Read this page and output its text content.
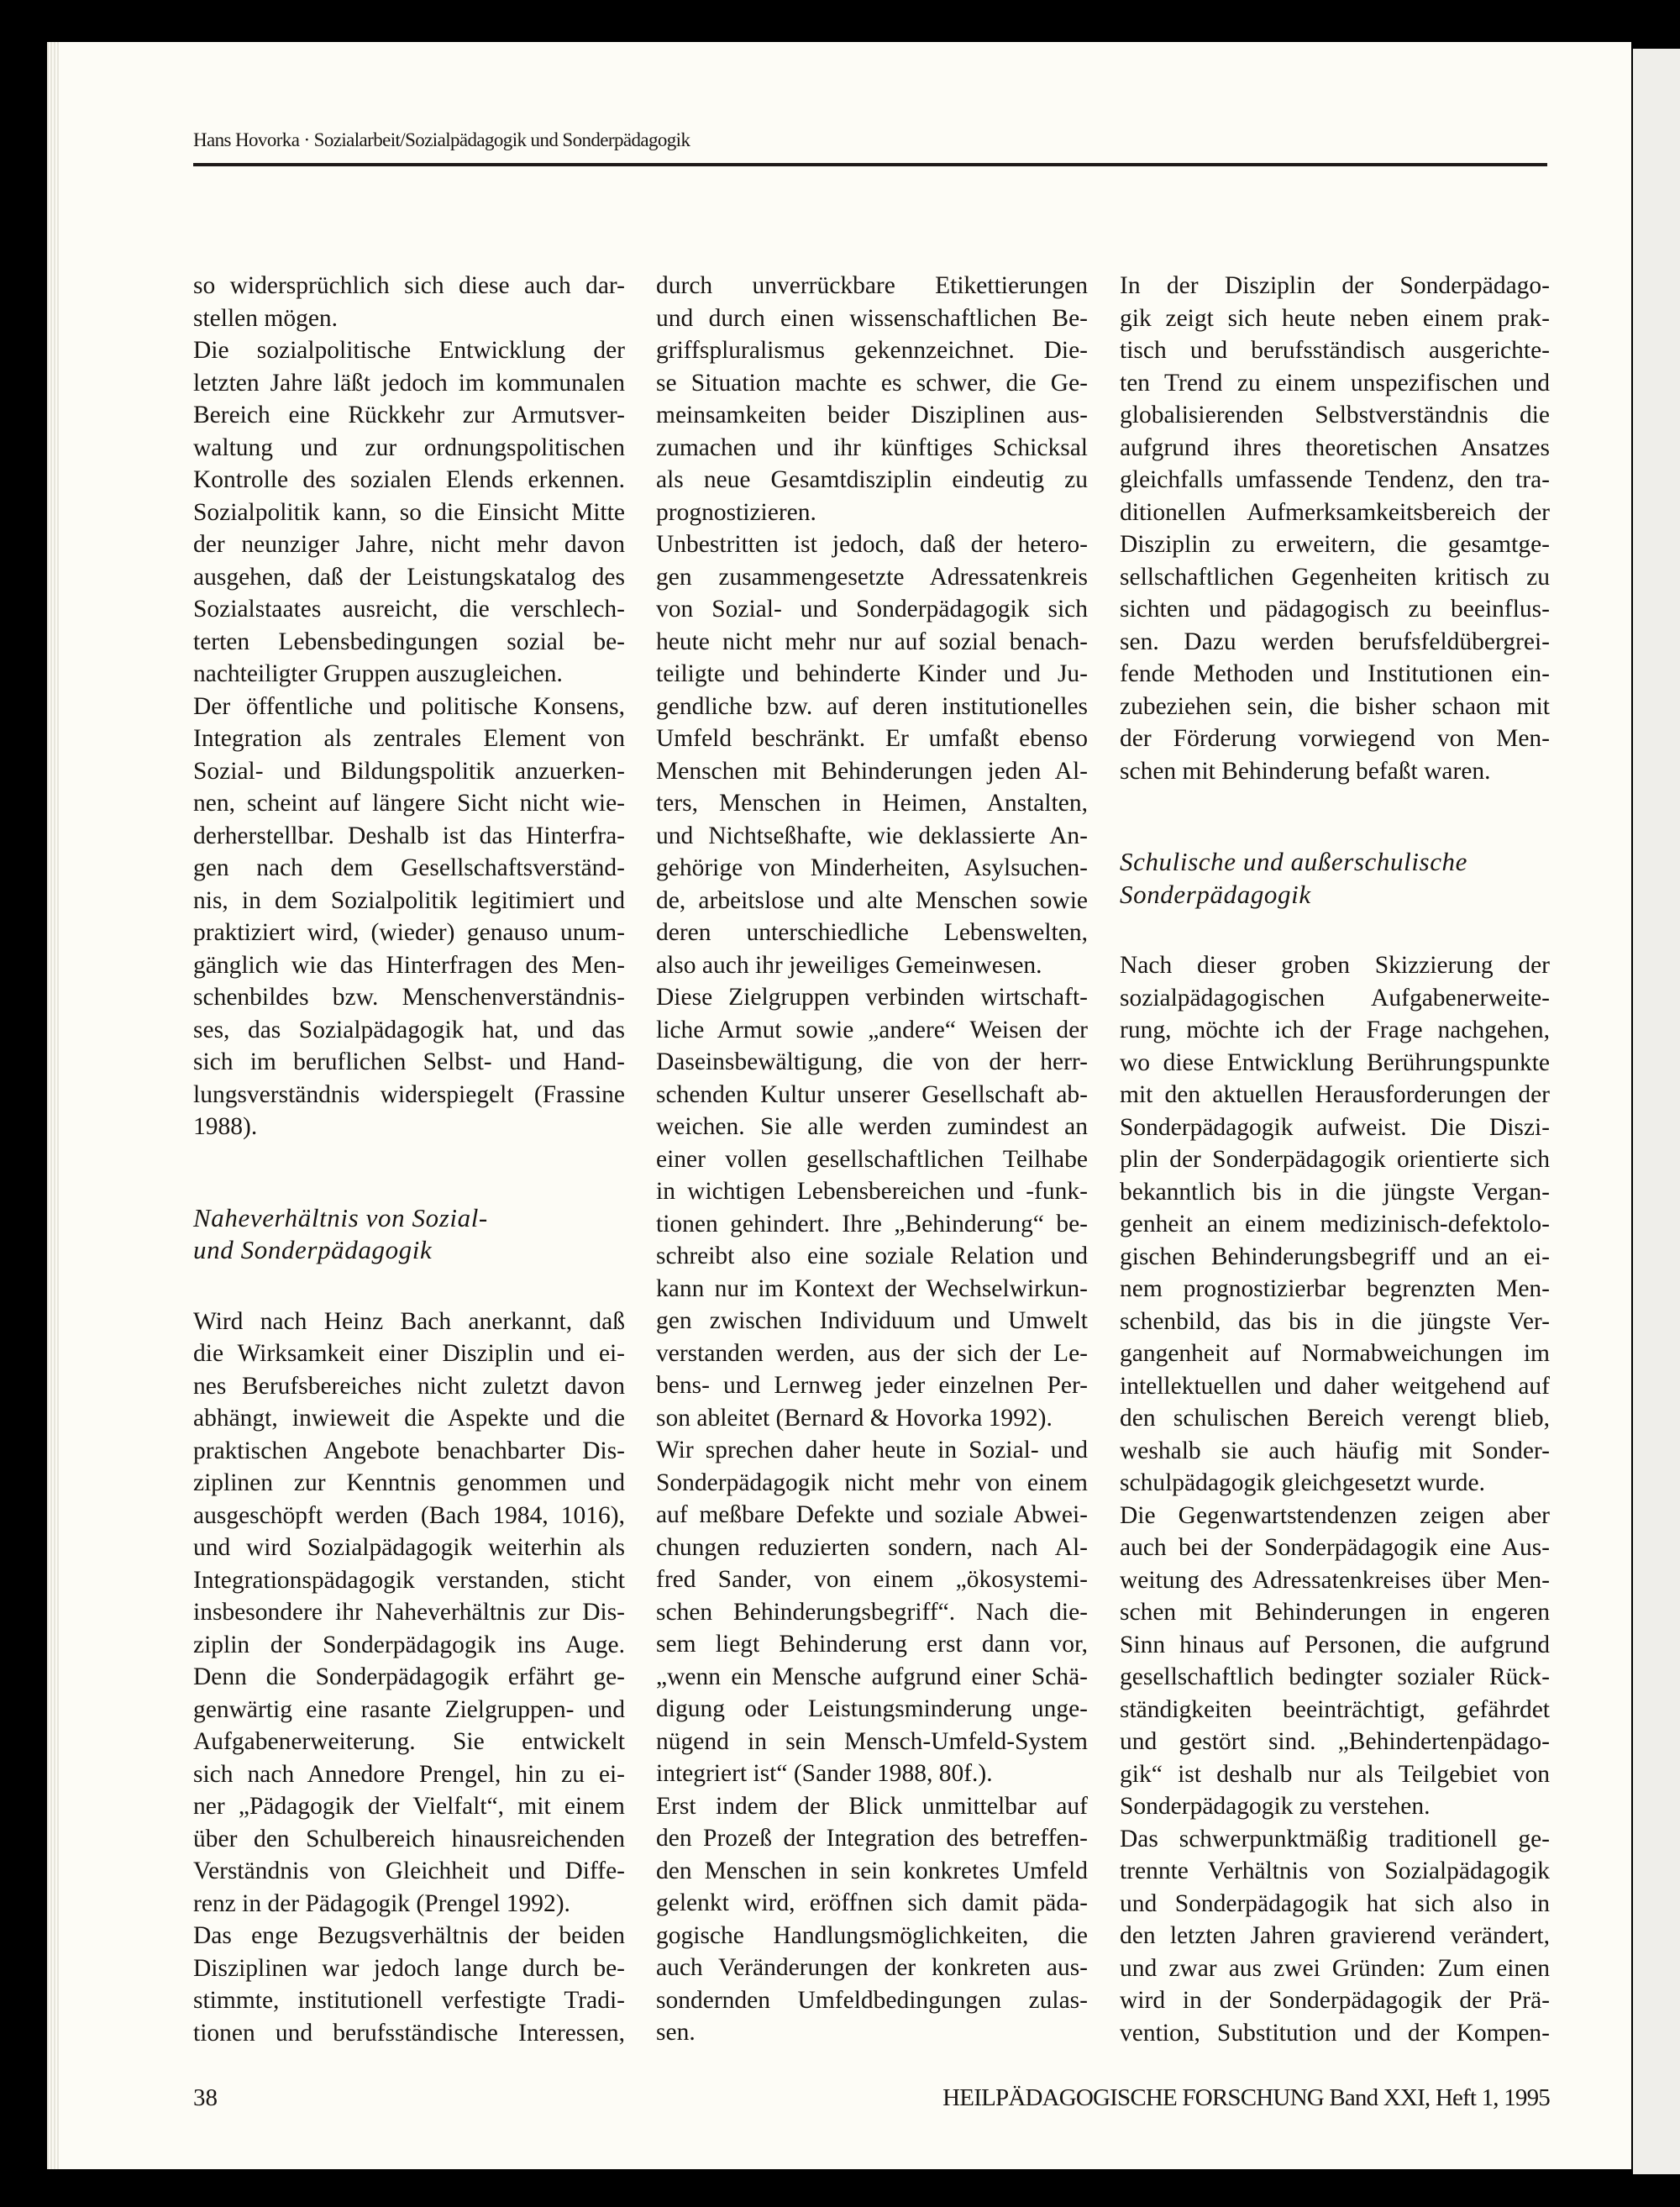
Hans Hovorka · Sozialarbeit/Sozialpädagogik und Sonderpädagogik
so widersprüchlich sich diese auch dar-
stellen mögen.
Die sozialpolitische Entwicklung der
letzten Jahre läßt jedoch im kommunalen
Bereich eine Rückkehr zur Armutsver-
waltung und zur ordnungspolitischen
Kontrolle des sozialen Elends erkennen.
Sozialpolitik kann, so die Einsicht Mitte
der neunziger Jahre, nicht mehr davon
ausgehen, daß der Leistungskatalog des
Sozialstaates ausreicht, die verschlech-
terten Lebensbedingungen sozial be-
nachteiligter Gruppen auszugleichen.
Der öffentliche und politische Konsens,
Integration als zentrales Element von
Sozial- und Bildungspolitik anzuerken-
nen, scheint auf längere Sicht nicht wie-
derherstellbar. Deshalb ist das Hinterfra-
gen nach dem Gesellschaftsverständ-
nis, in dem Sozialpolitik legitimiert und
praktiziert wird, (wieder) genauso unum-
gänglich wie das Hinterfragen des Men-
schenbildes bzw. Menschenverständnis-
ses, das Sozialpädagogik hat, und das
sich im beruflichen Selbst- und Hand-
lungsverständnis widerspiegelt (Frassine
1988).
Naheverhältnis von Sozial-
und Sonderpädagogik
Wird nach Heinz Bach anerkannt, daß
die Wirksamkeit einer Disziplin und ei-
nes Berufsbereiches nicht zuletzt davon
abhängt, inwieweit die Aspekte und die
praktischen Angebote benachbarter Dis-
ziplinen zur Kenntnis genommen und
ausgeschöpft werden (Bach 1984, 1016),
und wird Sozialpädagogik weiterhin als
Integrationspädagogik verstanden, sticht
insbesondere ihr Naheverhältnis zur Dis-
ziplin der Sonderpädagogik ins Auge.
Denn die Sonderpädagogik erfährt ge-
genwärtig eine rasante Zielgruppen- und
Aufgabenerweiterung. Sie entwickelt
sich nach Annedore Prengel, hin zu ei-
ner „Pädagogik der Vielfalt“, mit einem
über den Schulbereich hinausreichenden
Verständnis von Gleichheit und Diffe-
renz in der Pädagogik (Prengel 1992).
Das enge Bezugsverhältnis der beiden
Disziplinen war jedoch lange durch be-
stimmte, institutionell verfestigte Tradi-
tionen und berufsständische Interessen,
durch unverrückbare Etikettierungen
und durch einen wissenschaftlichen Be-
griffspluralismus gekennzeichnet. Die-
se Situation machte es schwer, die Ge-
meinsamkeiten beider Disziplinen aus-
zumachen und ihr künftiges Schicksal
als neue Gesamtdisziplin eindeutig zu
prognostizieren.
Unbestritten ist jedoch, daß der hetero-
gen zusammengesetzte Adressatenkreis
von Sozial- und Sonderpädagogik sich
heute nicht mehr nur auf sozial benach-
teiligte und behinderte Kinder und Ju-
gendliche bzw. auf deren institutionelles
Umfeld beschränkt. Er umfaßt ebenso
Menschen mit Behinderungen jeden Al-
ters, Menschen in Heimen, Anstalten,
und Nichtseßhafte, wie deklassierte An-
gehörige von Minderheiten, Asylsuchen-
de, arbeitslose und alte Menschen sowie
deren unterschiedliche Lebenswelten,
also auch ihr jeweiliges Gemeinwesen.
Diese Zielgruppen verbinden wirtschaft-
liche Armut sowie „andere“ Weisen der
Daseinsbewältigung, die von der herr-
schenden Kultur unserer Gesellschaft ab-
weichen. Sie alle werden zumindest an
einer vollen gesellschaftlichen Teilhabe
in wichtigen Lebensbereichen und -funk-
tionen gehindert. Ihre „Behinderung“ be-
schreibt also eine soziale Relation und
kann nur im Kontext der Wechselwirkun-
gen zwischen Individuum und Umwelt
verstanden werden, aus der sich der Le-
bens- und Lernweg jeder einzelnen Per-
son ableitet (Bernard & Hovorka 1992).
Wir sprechen daher heute in Sozial- und
Sonderpädagogik nicht mehr von einem
auf meßbare Defekte und soziale Abwei-
chungen reduzierten sondern, nach Al-
fred Sander, von einem „ökosystemi-
schen Behinderungsbegriff“. Nach die-
sem liegt Behinderung erst dann vor,
„wenn ein Mensche aufgrund einer Schä-
digung oder Leistungsminderung unge-
nügend in sein Mensch-Umfeld-System
integriert ist“ (Sander 1988, 80f.).
Erst indem der Blick unmittelbar auf
den Prozeß der Integration des betreffen-
den Menschen in sein konkretes Umfeld
gelenkt wird, eröffnen sich damit päda-
gogische Handlungsmöglichkeiten, die
auch Veränderungen der konkreten aus-
sondernden Umfeldbedingungen zulas-
sen.
In der Disziplin der Sonderpädago-
gik zeigt sich heute neben einem prak-
tisch und berufsständisch ausgerichte-
ten Trend zu einem unspezifischen und
globalisierenden Selbstverständnis die
aufgrund ihres theoretischen Ansatzes
gleichfalls umfassende Tendenz, den tra-
ditionellen Aufmerksamkeitsbereich der
Disziplin zu erweitern, die gesamtge-
sellschaftlichen Gegenheiten kritisch zu
sichten und pädagogisch zu beeinflus-
sen. Dazu werden berufsfeldübergrei-
fende Methoden und Institutionen ein-
zubeziehen sein, die bisher schaon mit
der Förderung vorwiegend von Men-
schen mit Behinderung befaßt waren.
Schulische und außerschulische
Sonderpädagogik
Nach dieser groben Skizzierung der
sozialpädagogischen Aufgabenerweite-
rung, möchte ich der Frage nachgehen,
wo diese Entwicklung Berührungspunkte
mit den aktuellen Herausforderungen der
Sonderpädagogik aufweist. Die Diszi-
plin der Sonderpädagogik orientierte sich
bekanntlich bis in die jüngste Vergan-
genheit an einem medizinisch-defektolo-
gischen Behinderungsbegriff und an ei-
nem prognostizierbar begrenzten Men-
schenbild, das bis in die jüngste Ver-
gangenheit auf Normabweichungen im
intellektuellen und daher weitgehend auf
den schulischen Bereich verengt blieb,
weshalb sie auch häufig mit Sonder-
schulpädagogik gleichgesetzt wurde.
Die Gegenwartstendenzen zeigen aber
auch bei der Sonderpädagogik eine Aus-
weitung des Adressatenkreises über Men-
schen mit Behinderungen in engeren
Sinn hinaus auf Personen, die aufgrund
gesellschaftlich bedingter sozialer Rück-
ständigkeiten beeinträchtigt, gefährdet
und gestört sind. „Behindertenpädago-
gik“ ist deshalb nur als Teilgebiet von
Sonderpädagogik zu verstehen.
Das schwerpunktmäßig traditionell ge-
trennte Verhältnis von Sozialpädagogik
und Sonderpädagogik hat sich also in
den letzten Jahren gravierend verändert,
und zwar aus zwei Gründen: Zum einen
wird in der Sonderpädagogik der Prä-
vention, Substitution und der Kompen-
38	HEILPÄDAGOGISCHE FORSCHUNG Band XXI, Heft 1, 1995
